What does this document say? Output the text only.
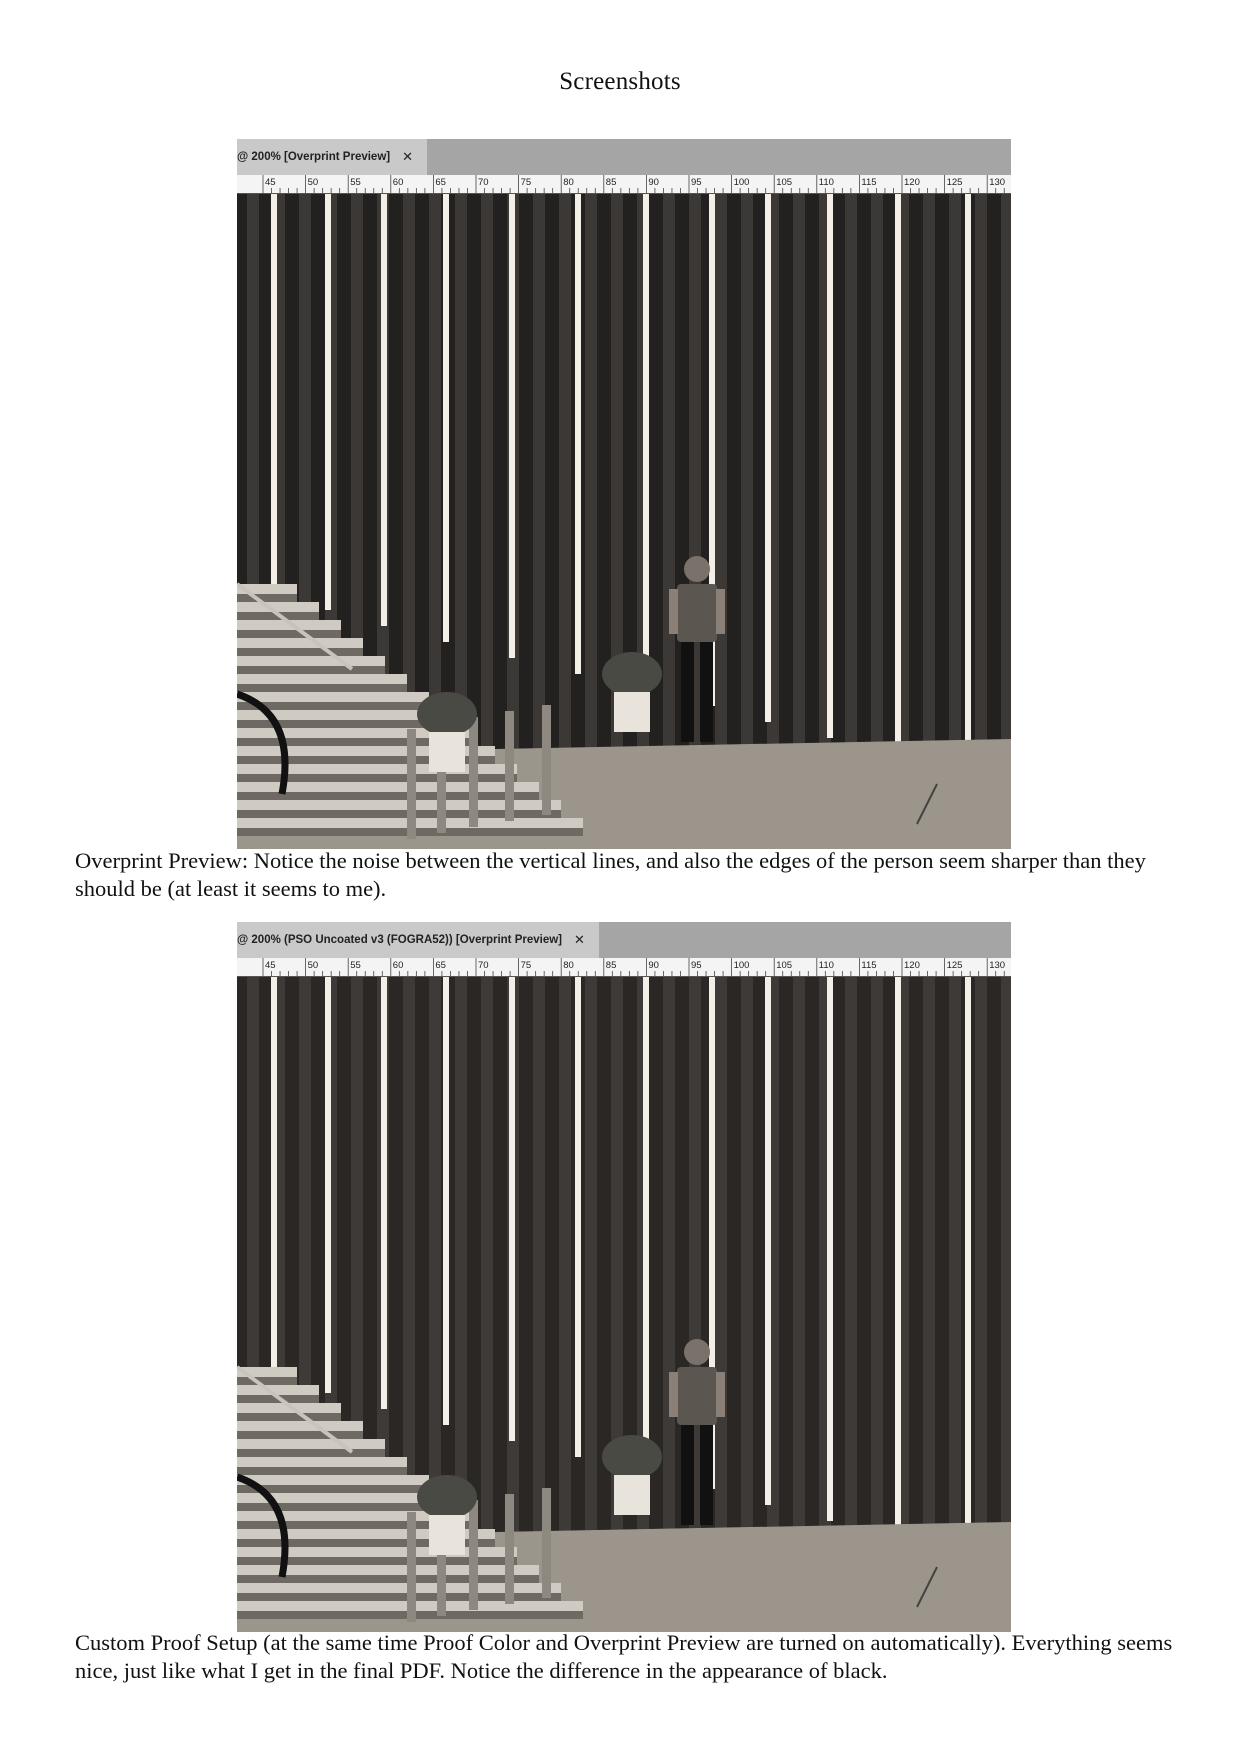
Screenshots
@ 200% [Overprint Preview] ✕
45	50	55	60	65	70	75	80	85	90	95	100	105	110	115	120	125	130
Overprint Preview: Notice the noise between the vertical lines, and also the edges of the person seem sharper than they should be (at least it seems to me).
@ 200% (PSO Uncoated v3 (FOGRA52)) [Overprint Preview] ✕
45	50	55	60	65	70	75	80	85	90	95	100	105	110	115	120	125	130
Custom Proof Setup (at the same time Proof Color and Overprint Preview are turned on automatically). Everything seems nice, just like what I get in the final PDF. Notice the difference in the appearance of black.
